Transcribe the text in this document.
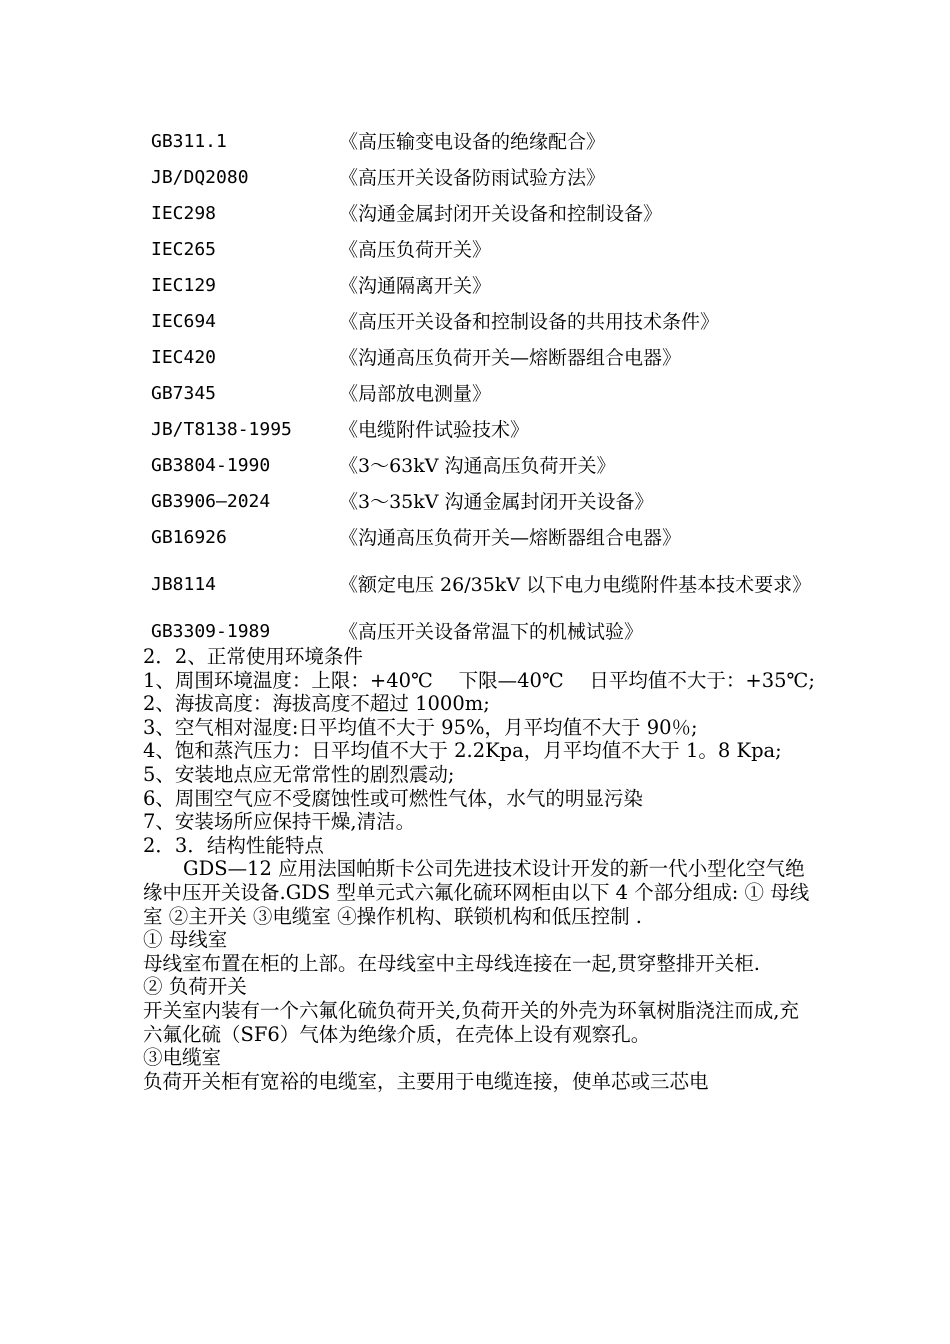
GB311.1	《高压输变电设备的绝缘配合》
JB/DQ2080	《高压开关设备防雨试验方法》
IEC298	《沟通金属封闭开关设备和控制设备》
IEC265	《高压负荷开关》
IEC129	《沟通隔离开关》
IEC694	《高压开关设备和控制设备的共用技术条件》
IEC420	《沟通高压负荷开关—熔断器组合电器》
GB7345	《局部放电测量》
JB/T8138-1995	《电缆附件试验技术》
GB3804-1990	《3～63kV 沟通高压负荷开关》
GB3906—2024	《3～35kV 沟通金属封闭开关设备》
GB16926	《沟通高压负荷开关—熔断器组合电器》
JB8114	《额定电压 26/35kV 以下电力电缆附件基本技术要求》
GB3309-1989	《高压开关设备常温下的机械试验》

2．2、正常使用环境条件

1、周围环境温度：上限：+40℃　 下限—40℃　 日平均值不大于：+35℃;

2、海拔高度：海拔高度不超过 1000m;

3、空气相对湿度:日平均值不大于 95%，月平均值不大于 90％;

4、饱和蒸汽压力：日平均值不大于 2.2Kpa，月平均值不大于 1。8 Kpa;

5、安装地点应无常常性的剧烈震动;

6、周围空气应不受腐蚀性或可燃性气体，水气的明显污染

7、安装场所应保持干燥,清洁。

2．3．结构性能特点

GDS—12 应用法国帕斯卡公司先进技术设计开发的新一代小型化空气绝缘中压开关设备.GDS 型单元式六氟化硫环网柜由以下 4 个部分组成: ① 母线室 ②主开关 ③电缆室 ④操作机构、联锁机构和低压控制 .

① 母线室

母线室布置在柜的上部。在母线室中主母线连接在一起,贯穿整排开关柜.

② 负荷开关

开关室内装有一个六氟化硫负荷开关,负荷开关的外壳为环氧树脂浇注而成,充六氟化硫（SF6）气体为绝缘介质，在壳体上设有观察孔。

③电缆室

负荷开关柜有宽裕的电缆室，主要用于电缆连接，使单芯或三芯电
